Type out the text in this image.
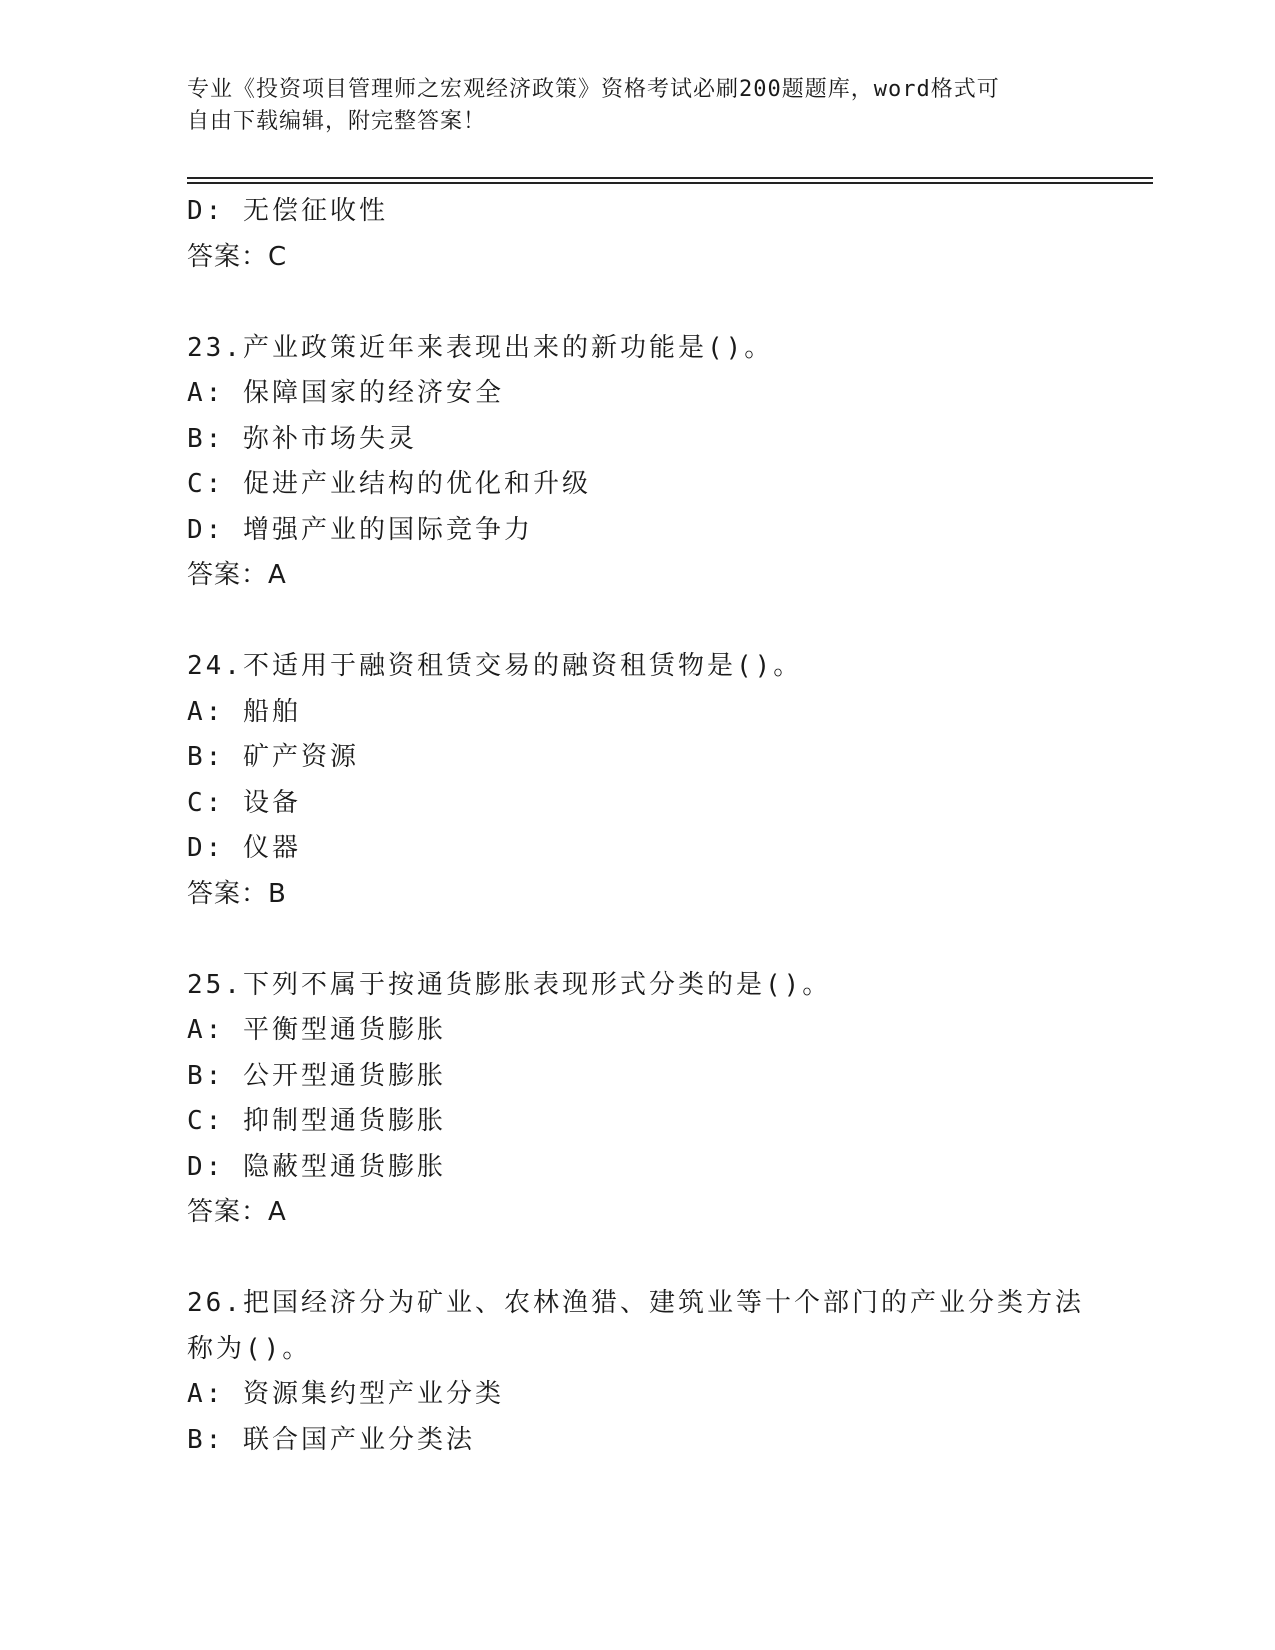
专业《投资项目管理师之宏观经济政策》资格考试必刷200题题库，word格式可
自由下载编辑，附完整答案！
D: 无偿征收性
答案：C
23.产业政策近年来表现出来的新功能是()。
A: 保障国家的经济安全
B: 弥补市场失灵
C: 促进产业结构的优化和升级
D: 增强产业的国际竞争力
答案：A
24.不适用于融资租赁交易的融资租赁物是()。
A: 船舶
B: 矿产资源
C: 设备
D: 仪器
答案：B
25.下列不属于按通货膨胀表现形式分类的是()。
A: 平衡型通货膨胀
B: 公开型通货膨胀
C: 抑制型通货膨胀
D: 隐蔽型通货膨胀
答案：A
26.把国经济分为矿业、农林渔猎、建筑业等十个部门的产业分类方法
称为()。
A: 资源集约型产业分类
B: 联合国产业分类法
